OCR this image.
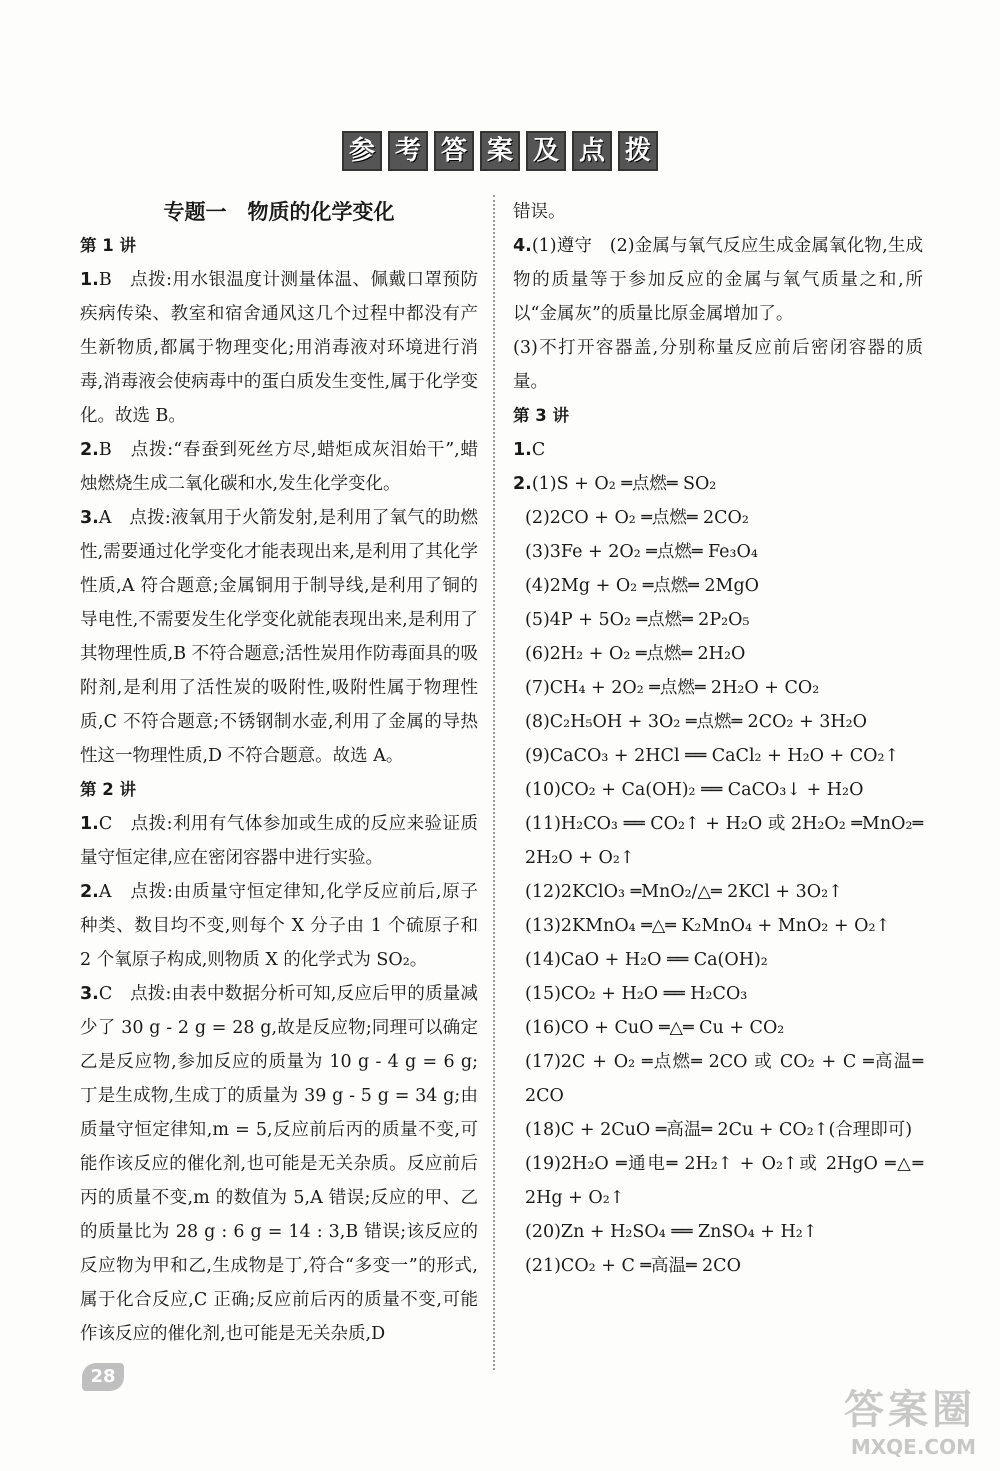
参 考 答 案 及 点 拨

专题一　物质的化学变化

第 1 讲

1.B　点拨:用水银温度计测量体温、佩戴口罩预防疾病传染、教室和宿舍通风这几个过程中都没有产生新物质,都属于物理变化;用消毒液对环境进行消毒,消毒液会使病毒中的蛋白质发生变性,属于化学变化。故选 B。

2.B　点拨:“春蚕到死丝方尽,蜡炬成灰泪始干”,蜡烛燃烧生成二氧化碳和水,发生化学变化。

3.A　点拨:液氧用于火箭发射,是利用了氧气的助燃性,需要通过化学变化才能表现出来,是利用了其化学性质,A 符合题意;金属铜用于制导线,是利用了铜的导电性,不需要发生化学变化就能表现出来,是利用了其物理性质,B 不符合题意;活性炭用作防毒面具的吸附剂,是利用了活性炭的吸附性,吸附性属于物理性质,C 不符合题意;不锈钢制水壶,利用了金属的导热性这一物理性质,D 不符合题意。故选 A。

第 2 讲

1.C　点拨:利用有气体参加或生成的反应来验证质量守恒定律,应在密闭容器中进行实验。

2.A　点拨:由质量守恒定律知,化学反应前后,原子种类、数目均不变,则每个 X 分子由 1 个硫原子和 2 个氧原子构成,则物质 X 的化学式为 SO₂。

3.C　点拨:由表中数据分析可知,反应后甲的质量减少了 30 g - 2 g = 28 g,故是反应物;同理可以确定乙是反应物,参加反应的质量为 10 g - 4 g = 6 g;丁是生成物,生成丁的质量为 39 g - 5 g = 34 g;由质量守恒定律知,m = 5,反应前后丙的质量不变,可能作该反应的催化剂,也可能是无关杂质。反应前后丙的质量不变,m 的数值为 5,A 错误;反应的甲、乙的质量比为 28 g : 6 g = 14 : 3,B 错误;该反应的反应物为甲和乙,生成物是丁,符合“多变一”的形式,属于化合反应,C 正确;反应前后丙的质量不变,可能作该反应的催化剂,也可能是无关杂质,D

错误。

4.(1)遵守　(2)金属与氧气反应生成金属氧化物,生成物的质量等于参加反应的金属与氧气质量之和,所以“金属灰”的质量比原金属增加了。

(3)不打开容器盖,分别称量反应前后密闭容器的质量。

第 3 讲

1.C

2.(1)S + O₂ ═点燃═ SO₂

(2)2CO + O₂ ═点燃═ 2CO₂

(3)3Fe + 2O₂ ═点燃═ Fe₃O₄

(4)2Mg + O₂ ═点燃═ 2MgO

(5)4P + 5O₂ ═点燃═ 2P₂O₅

(6)2H₂ + O₂ ═点燃═ 2H₂O

(7)CH₄ + 2O₂ ═点燃═ 2H₂O + CO₂

(8)C₂H₅OH + 3O₂ ═点燃═ 2CO₂ + 3H₂O

(9)CaCO₃ + 2HCl ══ CaCl₂ + H₂O + CO₂↑

(10)CO₂ + Ca(OH)₂ ══ CaCO₃↓ + H₂O

(11)H₂CO₃ ══ CO₂↑ + H₂O 或 2H₂O₂ ═MnO₂═ 2H₂O + O₂↑

(12)2KClO₃ ═MnO₂/△═ 2KCl + 3O₂↑

(13)2KMnO₄ ═△═ K₂MnO₄ + MnO₂ + O₂↑

(14)CaO + H₂O ══ Ca(OH)₂

(15)CO₂ + H₂O ══ H₂CO₃

(16)CO + CuO ═△═ Cu + CO₂

(17)2C + O₂ ═点燃═ 2CO 或 CO₂ + C ═高温═ 2CO

(18)C + 2CuO ═高温═ 2Cu + CO₂↑(合理即可)

(19)2H₂O ═通电═ 2H₂↑ + O₂↑或 2HgO ═△═ 2Hg + O₂↑

(20)Zn + H₂SO₄ ══ ZnSO₄ + H₂↑

(21)CO₂ + C ═高温═ 2CO

28
答案圈
MXQE.COM
